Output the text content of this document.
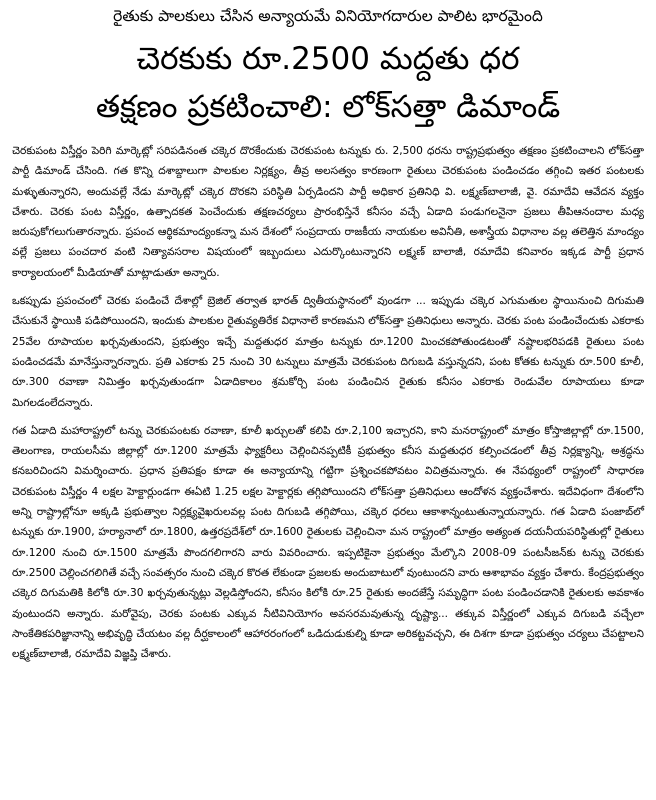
రైతుకు పాలకులు చేసిన అన్యాయమే వినియోగదారుల పాలిట భారమైంది
చెరకుకు రూ.2500 మద్దతు ధర
తక్షణం ప్రకటించాలి: లోక్‌సత్తా డిమాండ్

చెరకుపంట విస్తీర్ణం పెరిగి మార్కెట్లో సరిపడినంత చక్కెర దొరకేందుకు చెరకుపంట టన్నుకు రు. 2,500 ధరను రాష్ట్రప్రభుత్వం తక్షణం ప్రకటించాలని లోక్‌సత్తా పార్టీ డిమాండ్ చేసింది. గత కొన్ని దశాబ్దాలుగా పాలకుల నిర్లక్ష్యం, తీవ్ర అలసత్వం కారణంగా రైతులు చెరకుపంట పండించడం తగ్గించి ఇతర పంటలకు మళ్ళుతున్నారని, అందువల్లే నేడు మార్కెట్లో చక్కెర దొరకని పరిస్థితి ఏర్పడిందని పార్టీ అధికార ప్రతినిధి వి. లక్ష్మణ్‌బాలాజీ, వై. రమాదేవి ఆవేదన వ్యక్తం చేశారు. చెరకు పంట విస్తీర్ణం, ఉత్పాదకత పెంచేందుకు తక్షణచర్యలు ప్రారంభిస్తేనే కనీసం వచ్చే ఏడాది పండుగలనైనా ప్రజలు తీపిఆనందాల మధ్య జరుపుకోగలుగుతారన్నారు. ప్రపంచ ఆర్థికమాంద్యంకన్నా మన దేశంలో సంప్రదాయ రాజకీయ నాయకుల అవినీతి, అశాస్త్రీయ విధానాల వల్ల తలెత్తిన మాంద్యం వల్లే ప్రజలు పంచదార వంటి నిత్యావసరాల విషయంలో ఇబ్బందులు ఎదుర్కొంటున్నారని లక్ష్మణ్ బాలాజీ, రమాదేవి కనివారం ఇక్కడ పార్టీ ప్రధాన కార్యాలయంలో మీడియాతో మాట్లాడుతూ అన్నారు.

ఒకప్పుడు ప్రపంచంలో చెరకు పండించే దేశాల్లో బ్రెజిల్ తర్వాత భారత్ ద్వితీయస్థానంలో వుండగా ... ఇప్పుడు చక్కెర ఎగుమతుల స్థాయినుంచి దిగుమతి చేసుకునే స్థాయికి పడిపోయిందని, ఇందుకు పాలకుల రైతువ్యతిరేక విధానాలే కారణమని లోక్‌సత్తా ప్రతినిధులు అన్నారు. చెరకు పంట పండించేందుకు ఎకరాకు 25వేల రూపాయల ఖర్చవుతుందని, ప్రభుత్వం ఇచ్చే మద్దతుధర మాత్రం టన్నుకు రూ.1200 మించకపోతుండటంతో నష్టాలభరిపడకి రైతులు పంట పండించడమే మానేస్తున్నారన్నారు. ప్రతి ఎకరాకు 25 నుంచి 30 టన్నులు మాత్రమే చెరకుపంట దిగుబడి వస్తున్నదని, పంట కోతకు టన్నుకు రూ.500 కూలీ, రూ.300 రవాణా నిమిత్తం ఖర్చవుతుండగా ఏడాదికాలం శ్రమకోర్చి పంట పండించిన రైతుకు కనీసం ఎకరాకు రెండువేల రూపాయలు కూడా మిగలడంలేదన్నారు.

గత ఏడాది మహారాష్ట్రలో టన్ను చెరకుపంటకు రవాణా, కూలీ ఖర్చులతో కలిపి రూ.2,100 ఇచ్చారని, కాని మనరాష్ట్రంలో మాత్రం కోస్తాజిల్లాల్లో రూ.1500, తెలంగాణ, రాయలసీమ జిల్లాల్లో రూ.1200 మాత్రమే ఫ్యాక్టరీలు చెల్లించినప్పటికీ ప్రభుత్వం కనీస మద్దతుధర కల్పించడంలో తీవ్ర నిర్లక్ష్యాన్ని, అశ్రద్ధను కనబరిచిందని విమర్శించారు. ప్రధాన ప్రతిపక్షం కూడా ఈ అన్యాయాన్ని గట్టిగా ప్రశ్నించకపోవటం విచిత్రమన్నారు. ఈ నేపథ్యంలో రాష్ట్రంలో సాధారణ చెరకుపంట విస్తీర్ణం 4 లక్షల హెక్టార్లుండగా ఈఏటి 1.25 లక్షల హెక్టార్లకు తగ్గిపోయిందని లోక్‌సత్తా ప్రతినిధులు ఆందోళన వ్యక్తంచేశారు. ఇదేవిధంగా దేశంలోని అన్ని రాష్ట్రాల్లోనూ అక్కడి ప్రభుత్వాల నిర్లక్ష్యవైఖరులవల్ల పంట దిగుబడి తగ్గిపోయి, చక్కెర ధరలు ఆకాశాన్నంటుతున్నాయన్నారు. గత ఏడాది పంజాబ్‌లో టన్నుకు రూ.1900, హర్యానాలో రూ.1800, ఉత్తరప్రదేశ్‌లో రూ.1600 రైతులకు చెల్లించినా మన రాష్ట్రంలో మాత్రం అత్యంత దయనీయపరిస్థితుల్లో రైతులు రూ.1200 నుంచి రూ.1500 మాత్రమే పొందగలిగారని వారు వివరించారు. ఇప్పటికైనా ప్రభుత్వం మేల్కొని 2008-09 పంటసీజన్‌కు టన్ను చెరకుకు రూ.2500 చెల్లించగలిగితే వచ్చే సంవత్సరం నుంచి చక్కెర కొరత లేకుండా ప్రజలకు అందుబాటులో వుంటుందని వారు ఆశాభావం వ్యక్తం చేశారు. కేంద్రప్రభుత్వం చక్కెర దిగుమతికి కిలోకి రూ.30 ఖర్చవుతున్నట్లు వెల్లడిస్తోందని, కనీసం కిలోకి రూ.25 రైతుకు అందజేస్తే సమృద్ధిగా పంట పండించడానికి రైతులకు అవకాశం వుంటుందని అన్నారు. మరోవైపు, చెరకు పంటకు ఎక్కువ నీటివినియోగం అవసరమవుతున్న దృష్ట్యా... తక్కువ విస్తీర్ణంలో ఎక్కువ దిగుబడి వచ్చేలా సాంకేతికపరిజ్ఞానాన్ని అభివృద్ధి చేయటం వల్ల దీర్ఘకాలంలో ఆహారరంగంలో ఒడిదుడుకుల్ని కూడా అరికట్టవచ్చని, ఈ దిశగా కూడా ప్రభుత్వం చర్యలు చేపట్టాలని లక్ష్మణ్‌బాలాజీ, రమాదేవి విజ్ఞప్తి చేశారు.
